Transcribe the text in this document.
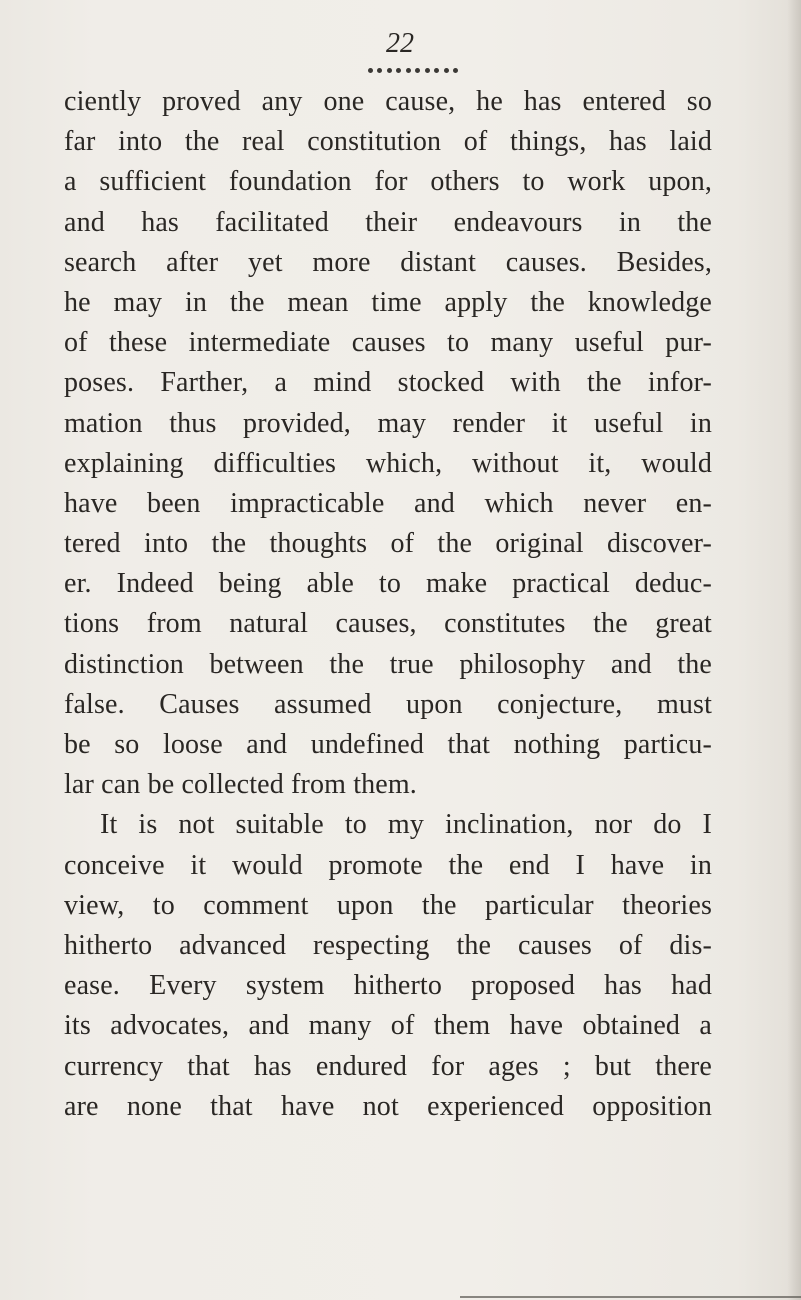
22
ciently proved any one cause, he has entered so
far into the real constitution of things, has laid
a sufficient foundation for others to work upon,
and has facilitated their endeavours in the
search after yet more distant causes. Besides,
he may in the mean time apply the knowledge
of these intermediate causes to many useful pur-
poses. Farther, a mind stocked with the infor-
mation thus provided, may render it useful in
explaining difficulties which, without it, would
have been impracticable and which never en-
tered into the thoughts of the original discover-
er. Indeed being able to make practical deduc-
tions from natural causes, constitutes the great
distinction between the true philosophy and the
false. Causes assumed upon conjecture, must
be so loose and undefined that nothing particu-
lar can be collected from them.
It is not suitable to my inclination, nor do I
conceive it would promote the end I have in
view, to comment upon the particular theories
hitherto advanced respecting the causes of dis-
ease. Every system hitherto proposed has had
its advocates, and many of them have obtained a
currency that has endured for ages ; but there
are none that have not experienced opposition
